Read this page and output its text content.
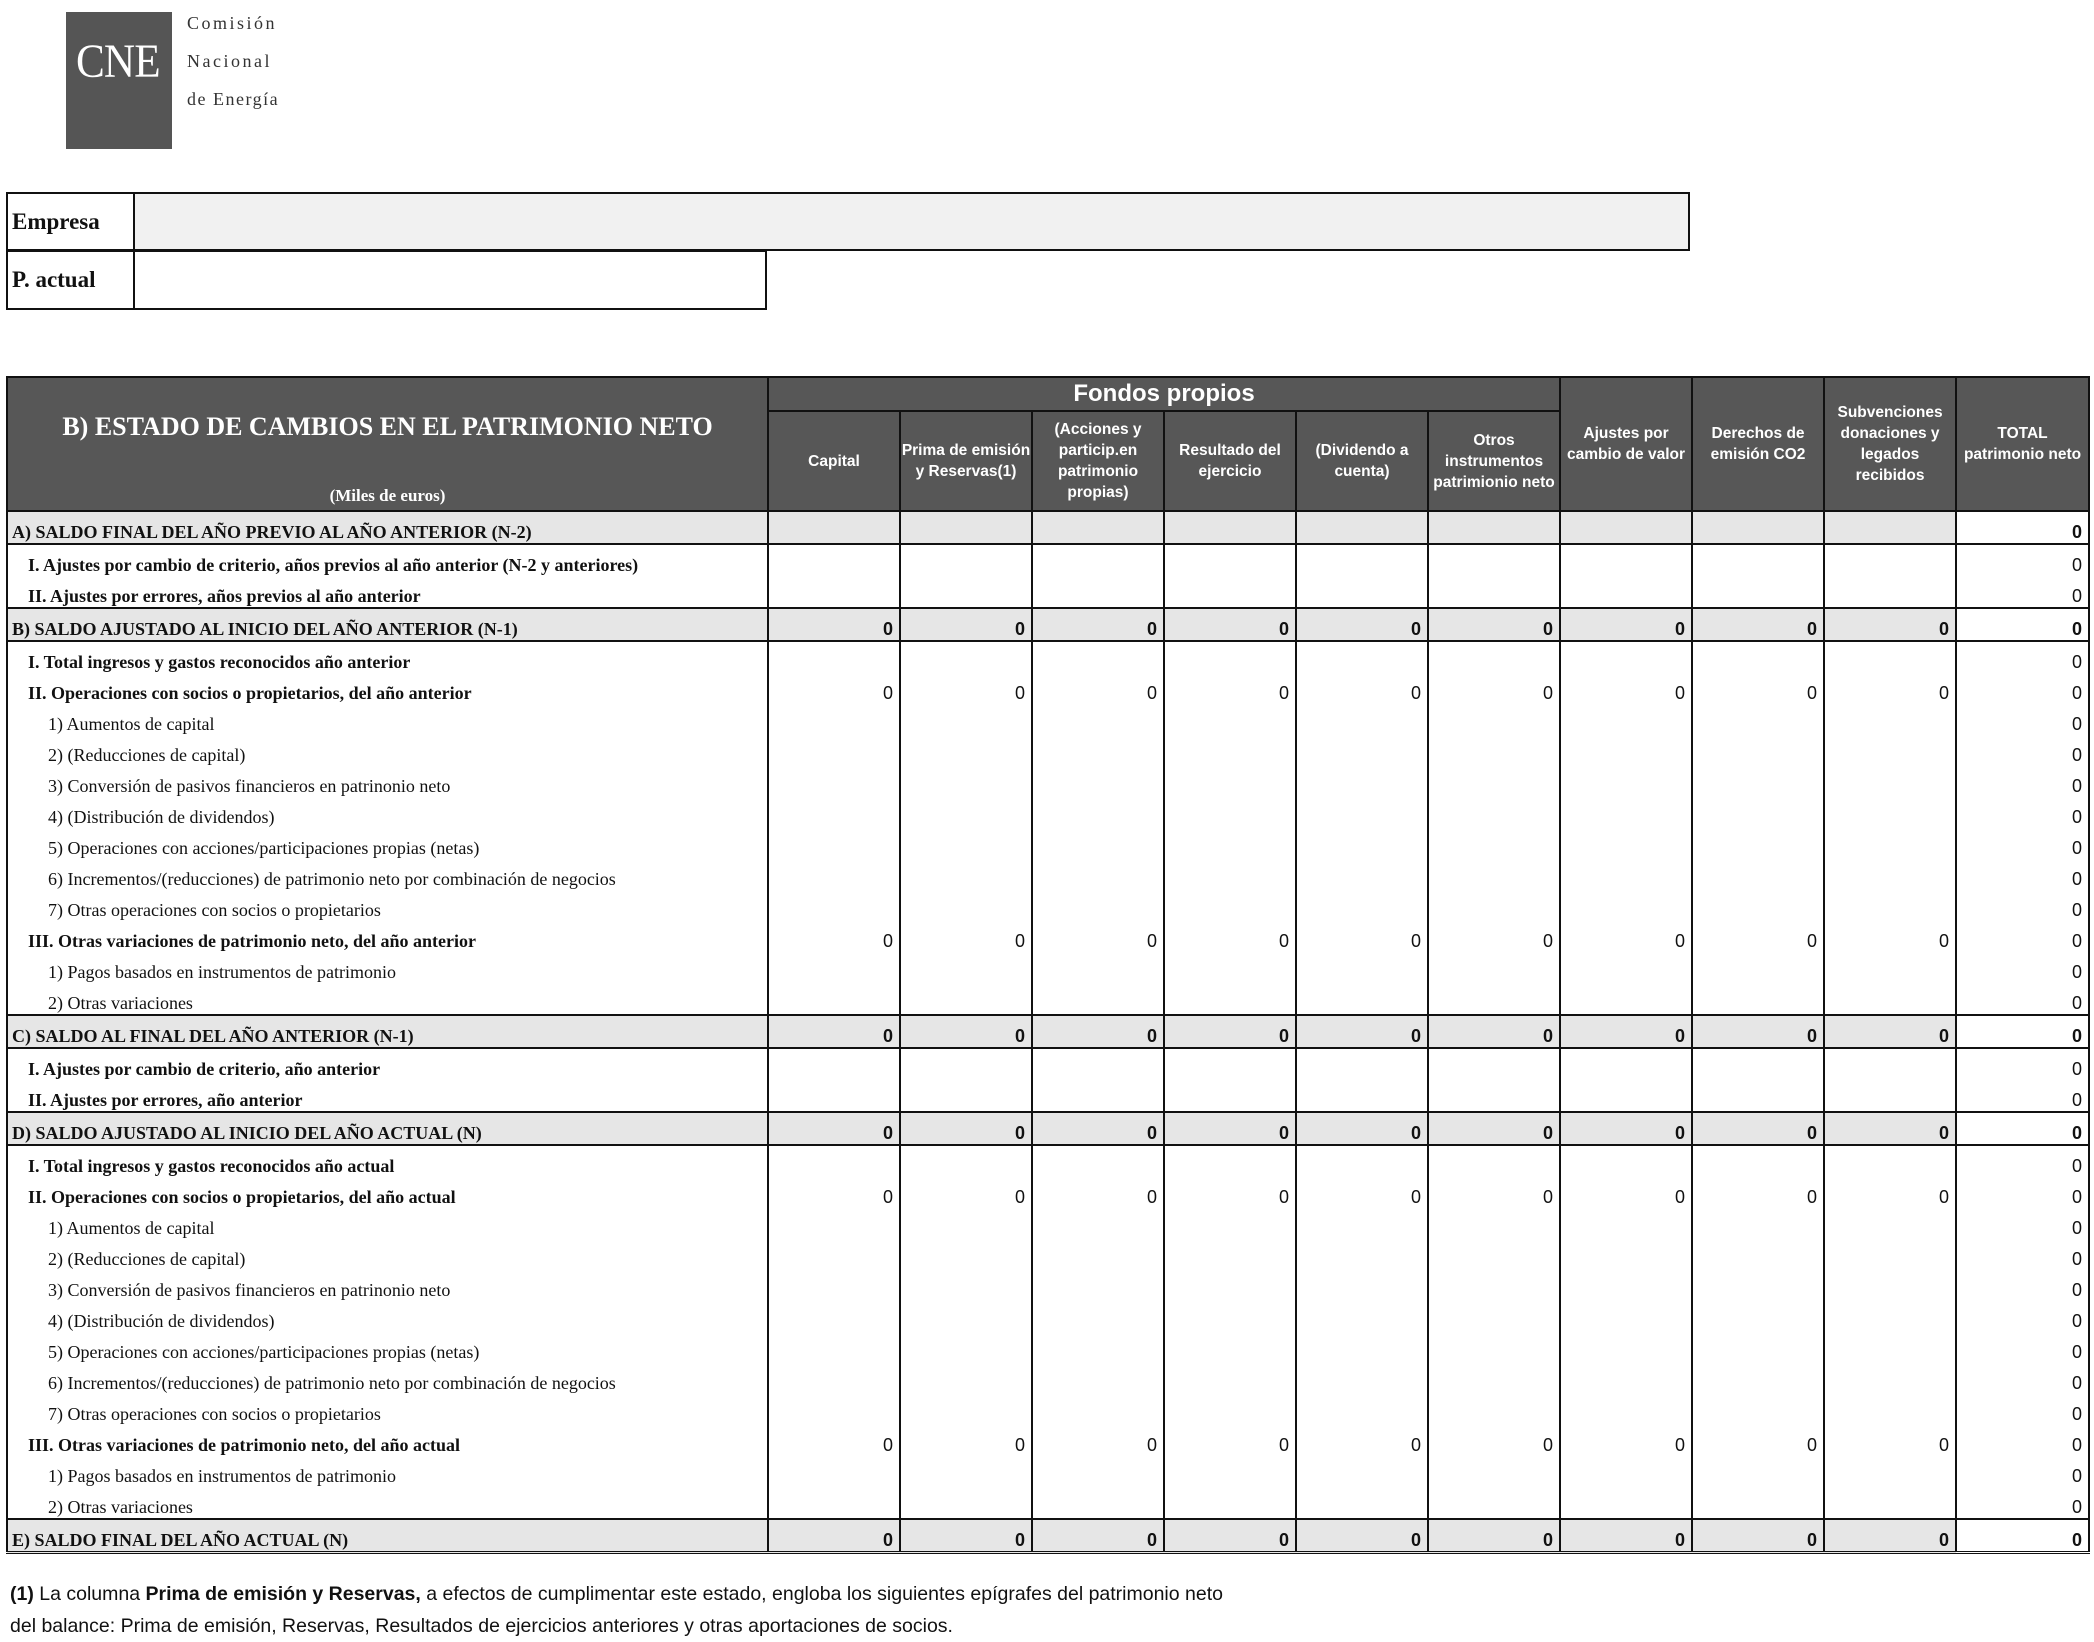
CNE
Comisión
Nacional
de Energía
Empresa
P. actual
B) ESTADO DE CAMBIOS EN EL PATRIMONIO NETO
(Miles de euros)	Fondos propios						Ajustes por cambio de valor	Derechos de emisión CO2	Subvenciones donaciones y legados recibidos	TOTAL patrimonio neto
	Capital	Prima de emisión y Reservas(1)	(Acciones y particip.en patrimonio propias)	Resultado del ejercicio	(Dividendo a cuenta)	Otros instrumentos patrimionio neto				
A) SALDO FINAL DEL AÑO PREVIO AL AÑO ANTERIOR (N-2)										0
I. Ajustes por cambio de criterio, años previos al año anterior (N-2 y anteriores)										0
II. Ajustes por errores, años previos al año anterior										0
B) SALDO AJUSTADO AL INICIO DEL AÑO ANTERIOR (N-1)	0	0	0	0	0	0	0	0	0	0
I. Total ingresos y gastos reconocidos año anterior										0
II. Operaciones con socios o propietarios, del año anterior	0	0	0	0	0	0	0	0	0	0
1) Aumentos de capital										0
2) (Reducciones de capital)										0
3) Conversión de pasivos financieros en patrinonio neto										0
4) (Distribución de dividendos)										0
5) Operaciones con acciones/participaciones propias (netas)										0
6) Incrementos/(reducciones) de patrimonio neto por combinación de negocios										0
7) Otras operaciones con socios o propietarios										0
III. Otras variaciones de patrimonio neto, del año anterior	0	0	0	0	0	0	0	0	0	0
1) Pagos basados en instrumentos de patrimonio										0
2) Otras variaciones										0
C) SALDO AL FINAL DEL AÑO ANTERIOR (N-1)	0	0	0	0	0	0	0	0	0	0
I. Ajustes por cambio de criterio, año anterior										0
II. Ajustes por errores, año anterior										0
D) SALDO AJUSTADO AL INICIO DEL AÑO ACTUAL (N)	0	0	0	0	0	0	0	0	0	0
I. Total ingresos y gastos reconocidos año actual										0
II. Operaciones con socios o propietarios, del año actual	0	0	0	0	0	0	0	0	0	0
1) Aumentos de capital										0
2) (Reducciones de capital)										0
3) Conversión de pasivos financieros en patrinonio neto										0
4) (Distribución de dividendos)										0
5) Operaciones con acciones/participaciones propias (netas)										0
6) Incrementos/(reducciones) de patrimonio neto por combinación de negocios										0
7) Otras operaciones con socios o propietarios										0
III. Otras variaciones de patrimonio neto, del año actual	0	0	0	0	0	0	0	0	0	0
1) Pagos basados en instrumentos de patrimonio										0
2) Otras variaciones										0
E) SALDO FINAL DEL AÑO ACTUAL (N)	0	0	0	0	0	0	0	0	0	0
(1) La columna Prima de emisión y Reservas, a efectos de cumplimentar este estado, engloba los siguientes epígrafes del patrimonio neto
del balance: Prima de emisión, Reservas, Resultados de ejercicios anteriores y otras aportaciones de socios.
